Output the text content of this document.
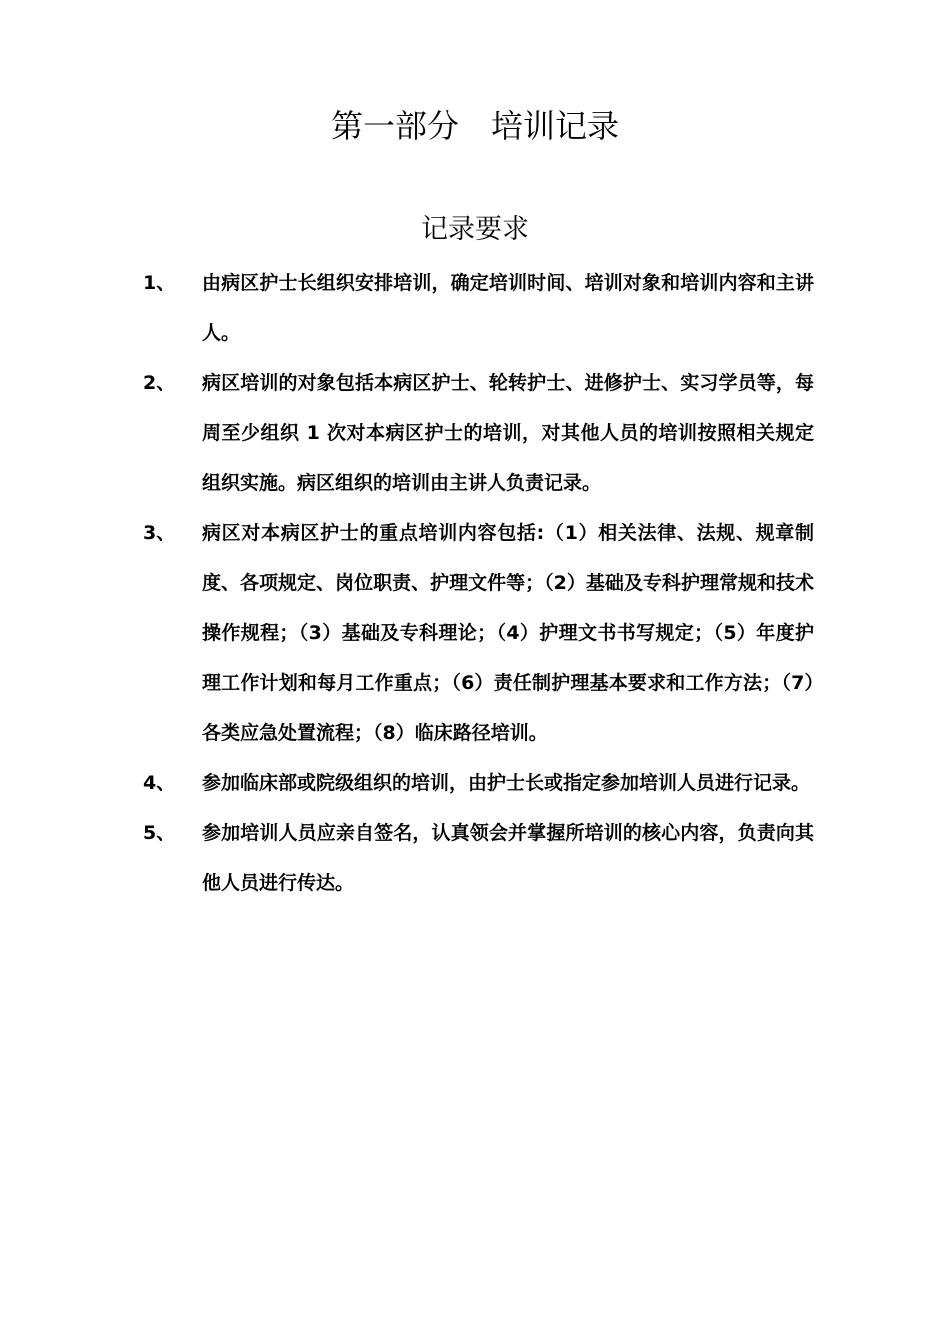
第一部分　培训记录
记录要求
1、 由病区护士长组织安排培训，确定培训时间、培训对象和培训内容和主讲人。
2、 病区培训的对象包括本病区护士、轮转护士、进修护士、实习学员等，每周至少组织 1 次对本病区护士的培训，对其他人员的培训按照相关规定组织实施。病区组织的培训由主讲人负责记录。
3、 病区对本病区护士的重点培训内容包括:（1）相关法律、法规、规章制度、各项规定、岗位职责、护理文件等；（2）基础及专科护理常规和技术操作规程；（3）基础及专科理论；（4）护理文书书写规定；（5）年度护理工作计划和每月工作重点；（6）责任制护理基本要求和工作方法；（7）各类应急处置流程；（8）临床路径培训。
4、 参加临床部或院级组织的培训，由护士长或指定参加培训人员进行记录。
5、 参加培训人员应亲自签名，认真领会并掌握所培训的核心内容，负责向其他人员进行传达。
